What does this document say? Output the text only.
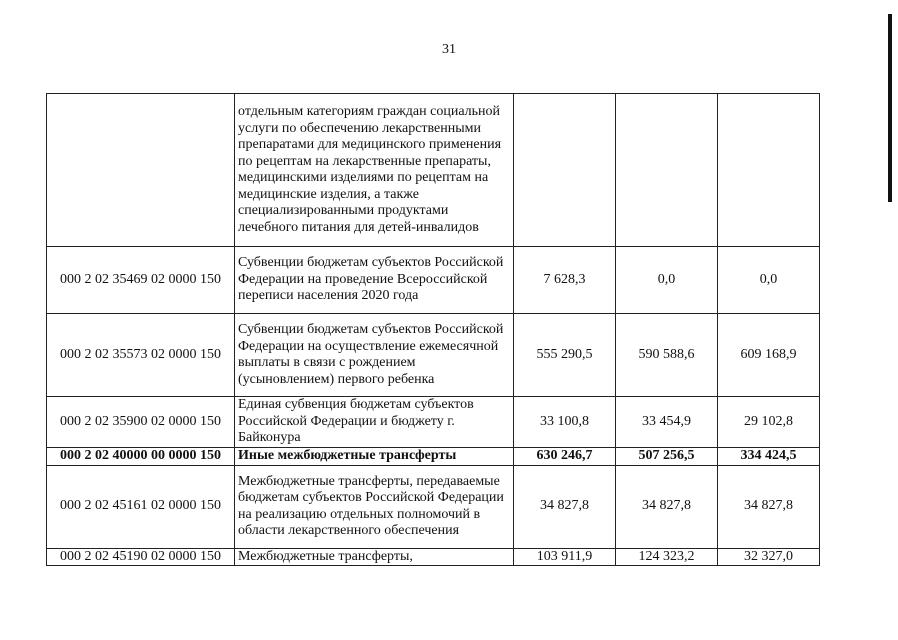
31
	отдельным категориям граждан социальной услуги по обеспечению лекарственными препаратами для медицинского применения по рецептам на лекарственные препараты, медицинскими изделиями по рецептам на медицинские изделия, а также специализированными продуктами лечебного питания для детей-инвалидов			
000 2 02 35469 02 0000 150	Субвенции бюджетам субъектов Российской Федерации на проведение Всероссийской переписи населения 2020 года	7 628,3	0,0	0,0
000 2 02 35573 02 0000 150	Субвенции бюджетам субъектов Российской Федерации на осуществление ежемесячной выплаты в связи с рождением (усыновлением) первого ребенка	555 290,5	590 588,6	609 168,9
000 2 02 35900 02 0000 150	Единая субвенция бюджетам субъектов Российской Федерации и бюджету г. Байконура	33 100,8	33 454,9	29 102,8
000 2 02 40000 00 0000 150	Иные межбюджетные трансферты	630 246,7	507 256,5	334 424,5
000 2 02 45161 02 0000 150	Межбюджетные трансферты, передаваемые бюджетам субъектов Российской Федерации на реализацию отдельных полномочий в области лекарственного обеспечения	34 827,8	34 827,8	34 827,8
000 2 02 45190 02 0000 150	Межбюджетные трансферты,	103 911,9	124 323,2	32 327,0
